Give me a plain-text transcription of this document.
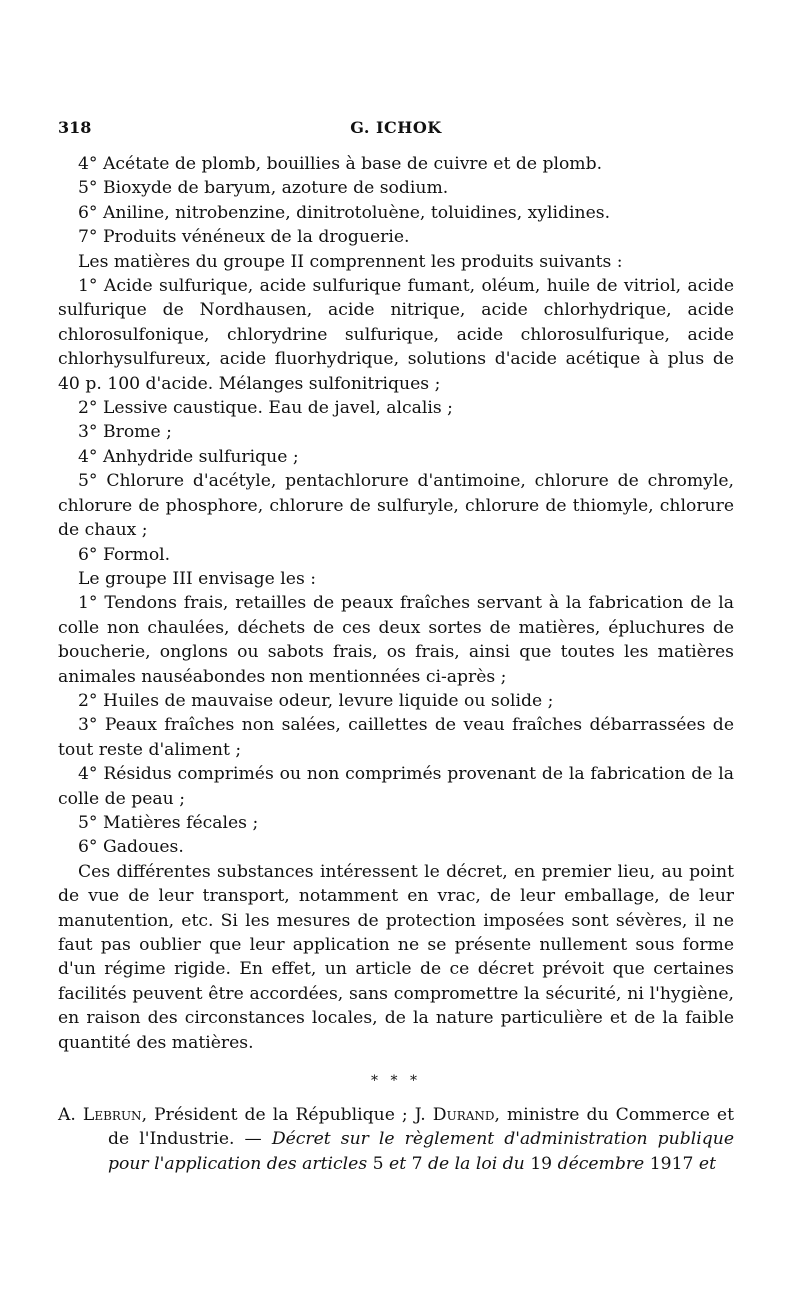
318	G. ICHOK

4° Acétate de plomb, bouillies à base de cuivre et de plomb.

5° Bioxyde de baryum, azoture de sodium.

6° Aniline, nitrobenzine, dinitrotoluène, toluidines, xylidines.

7° Produits vénéneux de la droguerie.

Les matières du groupe II comprennent les produits suivants :

1° Acide sulfurique, acide sulfurique fumant, oléum, huile de vitriol, acide sulfurique de Nordhausen, acide nitrique, acide chlorhydrique, acide chlorosulfonique, chlorydrine sulfurique, acide chlorosulfurique, acide chlorhysulfureux, acide fluorhydrique, solutions d'acide acétique à plus de 40 p. 100 d'acide. Mélanges sulfonitriques ;

2° Lessive caustique. Eau de javel, alcalis ;

3° Brome ;

4° Anhydride sulfurique ;

5° Chlorure d'acétyle, pentachlorure d'antimoine, chlorure de chromyle, chlorure de phosphore, chlorure de sulfuryle, chlorure de thiomyle, chlorure de chaux ;

6° Formol.

Le groupe III envisage les :

1° Tendons frais, retailles de peaux fraîches servant à la fabrication de la colle non chaulées, déchets de ces deux sortes de matières, épluchures de boucherie, onglons ou sabots frais, os frais, ainsi que toutes les matières animales nauséabondes non mentionnées ci-après ;

2° Huiles de mauvaise odeur, levure liquide ou solide ;

3° Peaux fraîches non salées, caillettes de veau fraîches débarrassées de tout reste d'aliment ;

4° Résidus comprimés ou non comprimés provenant de la fabrication de la colle de peau ;

5° Matières fécales ;

6° Gadoues.

Ces différentes substances intéressent le décret, en premier lieu, au point de vue de leur transport, notamment en vrac, de leur emballage, de leur manutention, etc. Si les mesures de protection imposées sont sévères, il ne faut pas oublier que leur application ne se présente nullement sous forme d'un régime rigide. En effet, un article de ce décret prévoit que certaines facilités peuvent être accordées, sans compromettre la sécurité, ni l'hygiène, en raison des circonstances locales, de la nature particulière et de la faible quantité des matières.

* * *

A. Lebrun, Président de la République ; J. Durand, ministre du Commerce et de l'Industrie. — Décret sur le règlement d'administration publique pour l'application des articles 5 et 7 de la loi du 19 décembre 1917 et
